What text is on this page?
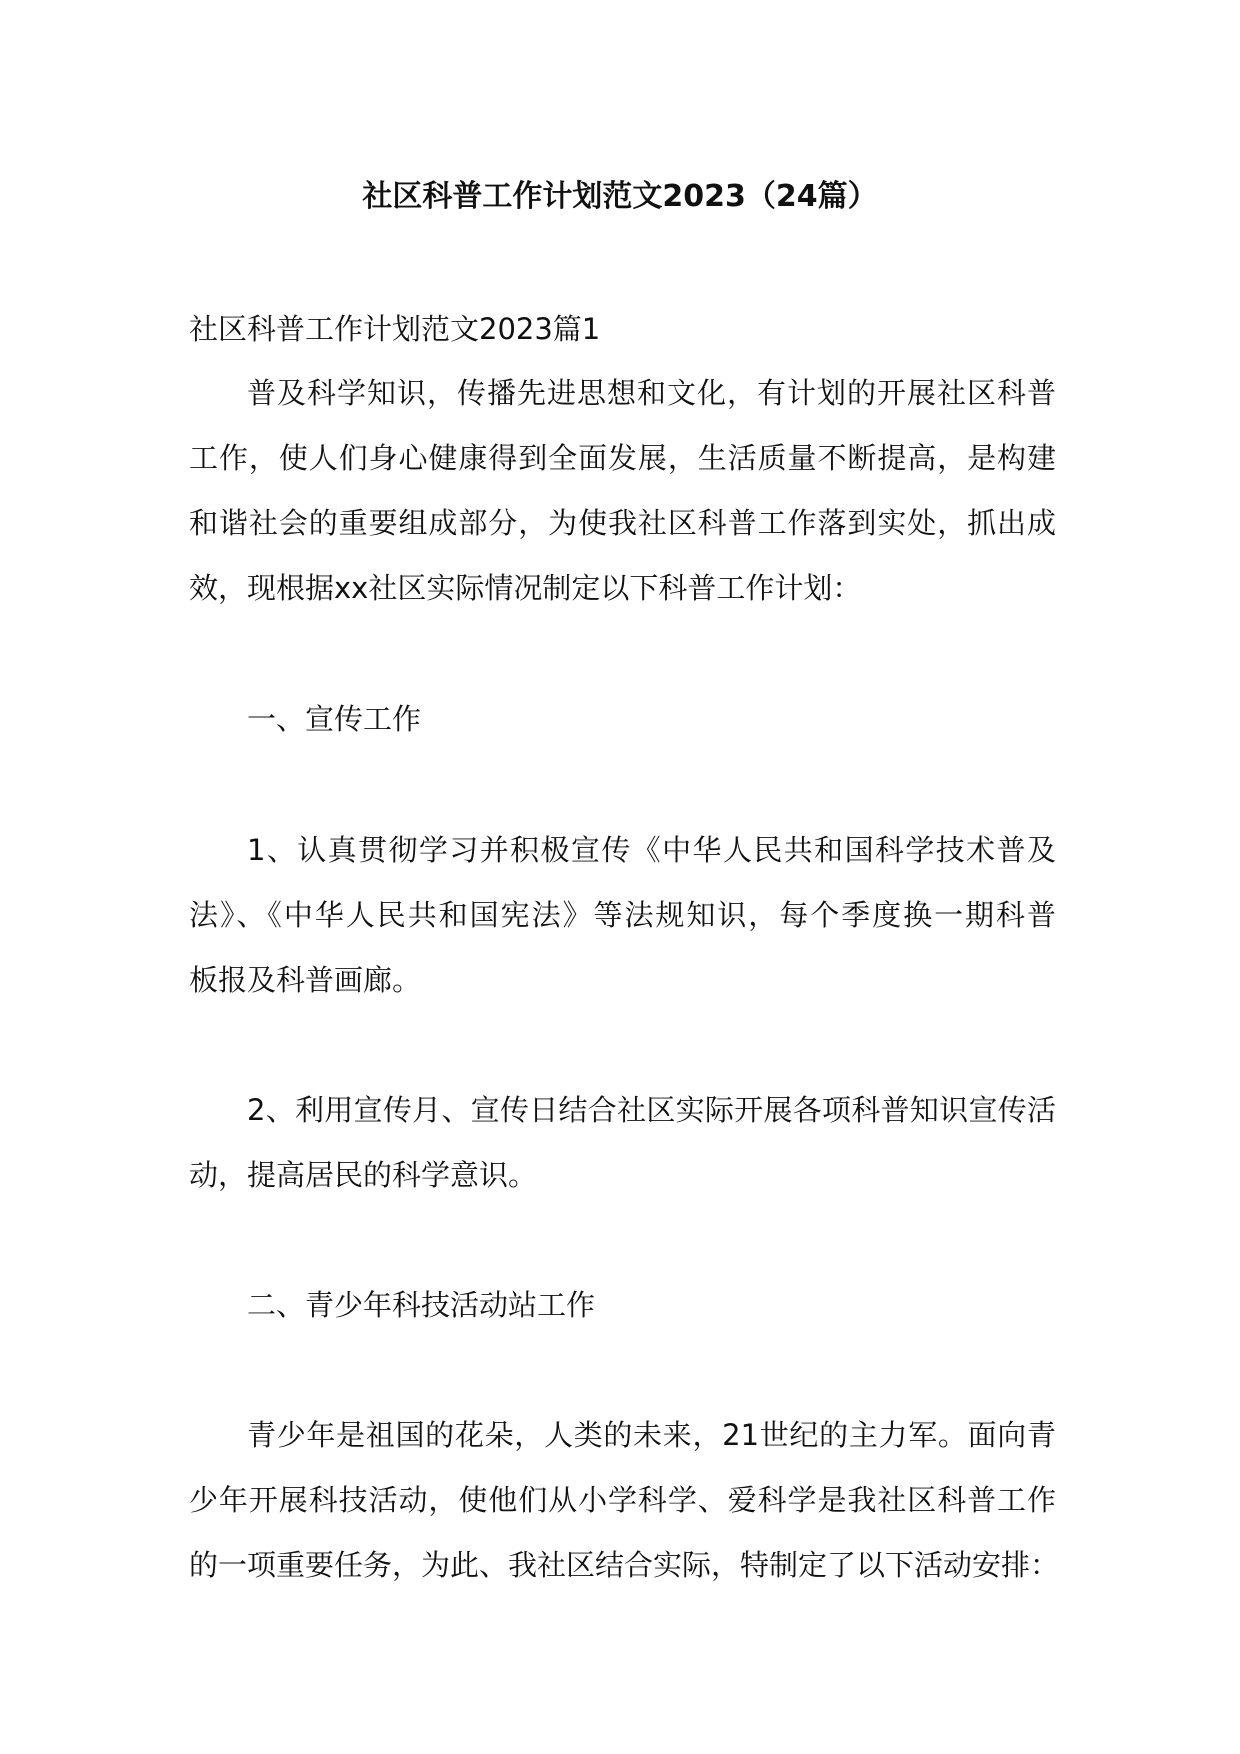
社区科普工作计划范文2023（24篇）
社区科普工作计划范文2023篇1
普及科学知识，传播先进思想和文化，有计划的开展社区科普
工作，使人们身心健康得到全面发展，生活质量不断提高，是构建
和谐社会的重要组成部分，为使我社区科普工作落到实处，抓出成
效，现根据xx社区实际情况制定以下科普工作计划：
一、宣传工作
1、认真贯彻学习并积极宣传《中华人民共和国科学技术普及
法》、《中华人民共和国宪法》等法规知识，每个季度换一期科普
板报及科普画廊。
2、利用宣传月、宣传日结合社区实际开展各项科普知识宣传活
动，提高居民的科学意识。
二、青少年科技活动站工作
青少年是祖国的花朵，人类的未来，21世纪的主力军。面向青
少年开展科技活动，使他们从小学科学、爱科学是我社区科普工作
的一项重要任务，为此、我社区结合实际，特制定了以下活动安排：
